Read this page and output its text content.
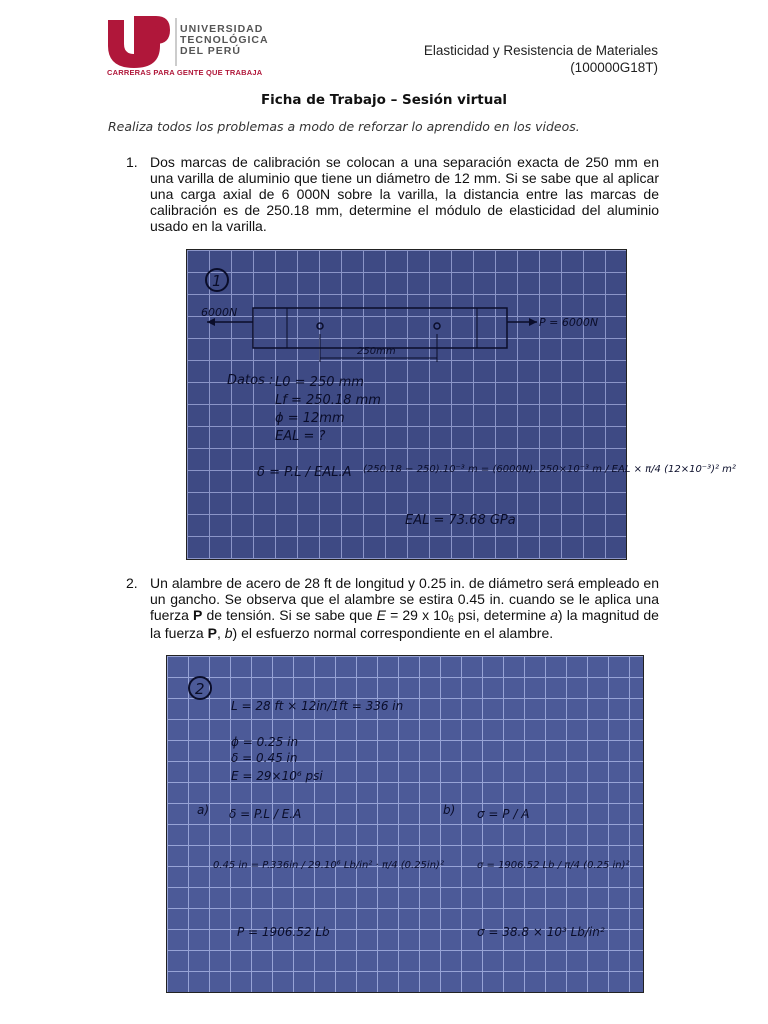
UNIVERSIDAD
TECNOLÓGICA
DEL PERÚ
CARRERAS PARA GENTE QUE TRABAJA
Elasticidad y Resistencia de Materiales
(100000G18T)
Ficha de Trabajo – Sesión virtual
Realiza todos los problemas a modo de reforzar lo aprendido en los videos.
1. Dos marcas de calibración se colocan a una separación exacta de 250 mm en una varilla de aluminio que tiene un diámetro de 12 mm. Si se sabe que al aplicar una carga axial de 6 000N sobre la varilla, la distancia entre las marcas de calibración es de 250.18 mm, determine el módulo de elasticidad del aluminio usado en la varilla.
1
6000N
P = 6000N
250mm
Datos : L0 = 250 mm
Lf = 250.18 mm
ϕ = 12mm
EAL = ?
δ = P.L / EAL.A (250.18 − 250).10⁻³ m = (6000N). 250×10⁻³ m / EAL × π/4 (12×10⁻³)² m²
EAL = 73.68 GPa
2. Un alambre de acero de 28 ft de longitud y 0.25 in. de diámetro será empleado en un gancho. Se observa que el alambre se estira 0.45 in. cuando se le aplica una fuerza P de tensión. Si se sabe que E = 29 x $10_6$ psi, determine a) la magnitud de la fuerza P, b) el esfuerzo normal correspondiente en el alambre.
2
L = 28 ft × 12in/1ft = 336 in
ϕ = 0.25 in
δ = 0.45 in
E = 29×10⁶ psi
a) δ = P.L / E.A
0.45 in = P.336in / 29.10⁶ Lb/in² · π/4 (0.25in)²
P = 1906.52 Lb
b) σ = P / A
σ = 1906.52 Lb / π/4 (0.25 in)²
σ = 38.8 × 10³ Lb/in²
